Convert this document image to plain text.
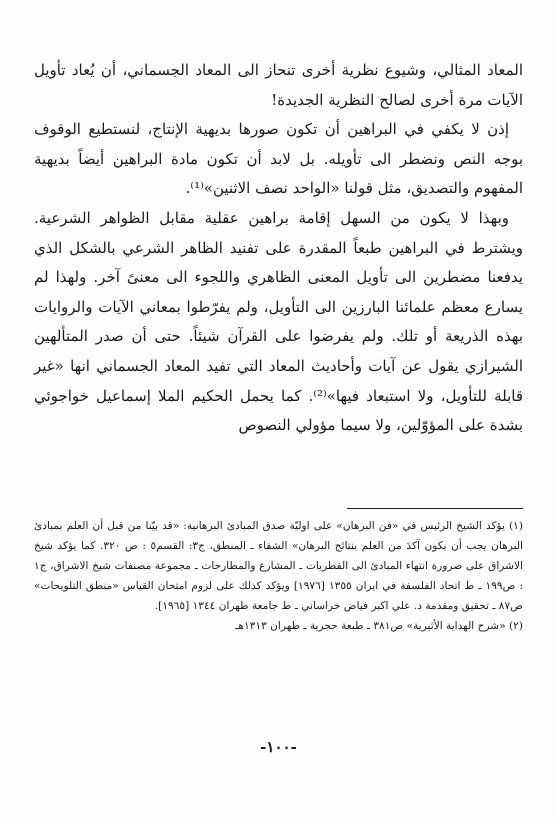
المعاد المثالي، وشيوع نظرية أخرى تنحاز الى المعاد الجسماني، أن يُعاد تأويل الآيات مرة أخرى لصالح النظرية الجديدة!

إذن لا يكفي في البراهين أن تكون صورها بديهية الإنتاج، لنستطيع الوقوف بوجه النص ونضطر الى تأويله. بل لابد أن تكون مادة البراهين أيضاً بديهية المفهوم والتصديق، مثل قولنا «الواحد نصف الاثنين»⁽¹⁾.

وبهذا لا يكون من السهل إقامة براهين عقلية مقابل الظواهر الشرعية. ويشترط في البراهين طبعاً المقدرة على تفنيد الظاهر الشرعي بالشكل الذي يدفعنا مضطرين الى تأويل المعنى الظاهري واللجوء الى معنىً آخر. ولهذا لم يسارع معظم علمائنا البارزين الى التأويل، ولم يفرّطوا بمعاني الآيات والروايات بهذه الذريعة أو تلك. ولم يفرضوا على القرآن شيئاً. حتى أن صدر المتألهين الشيرازي يقول عن آيات وأحاديث المعاد التي تفيد المعاد الجسماني انها «غير قابلة للتأويل، ولا استبعاد فيها»⁽²⁾. كما يحمل الحكيم الملا إسماعيل خواجوئي بشدة على المؤوّلين، ولا سيما مؤولي النصوص

(١) يؤكد الشيخ الرئيس في «فن البرهان» على اوليّة صدق المبادئ البرهانية: «قد بيّنا من قبل أن العلم بمبادئ البرهان يجب أن يكون آكدَ من العلم بنتائج البرهان» الشفاء ـ المنطق، ج٣: القسم٥ : ص ٣٢٠. كما يؤكد شيخ الاشراق على ضرورة انتهاء المبادئ الى الفطريات ـ المشارع والمطارحات ـ مجموعة مصنفات شيخ الاشراق، ج١ : ص١٩٩ ـ ط اتحاد الفلسفة في ايران ١٣٥٥ [١٩٧٦] ويؤكد كذلك على لزوم امتحان القياس «منطق التلويحات» ص٨٧ ـ تحقيق ومقدمة د. علي اكبر فياض خراساني ـ ط جامعة طهران ١٣٤٤ [١٩٦٥].

(٢) «شرح الهداية الأثيرية» ص٣٨١ ـ طبعة حجرية ـ طهران ١٣١٣هـ

-١٠٠-
